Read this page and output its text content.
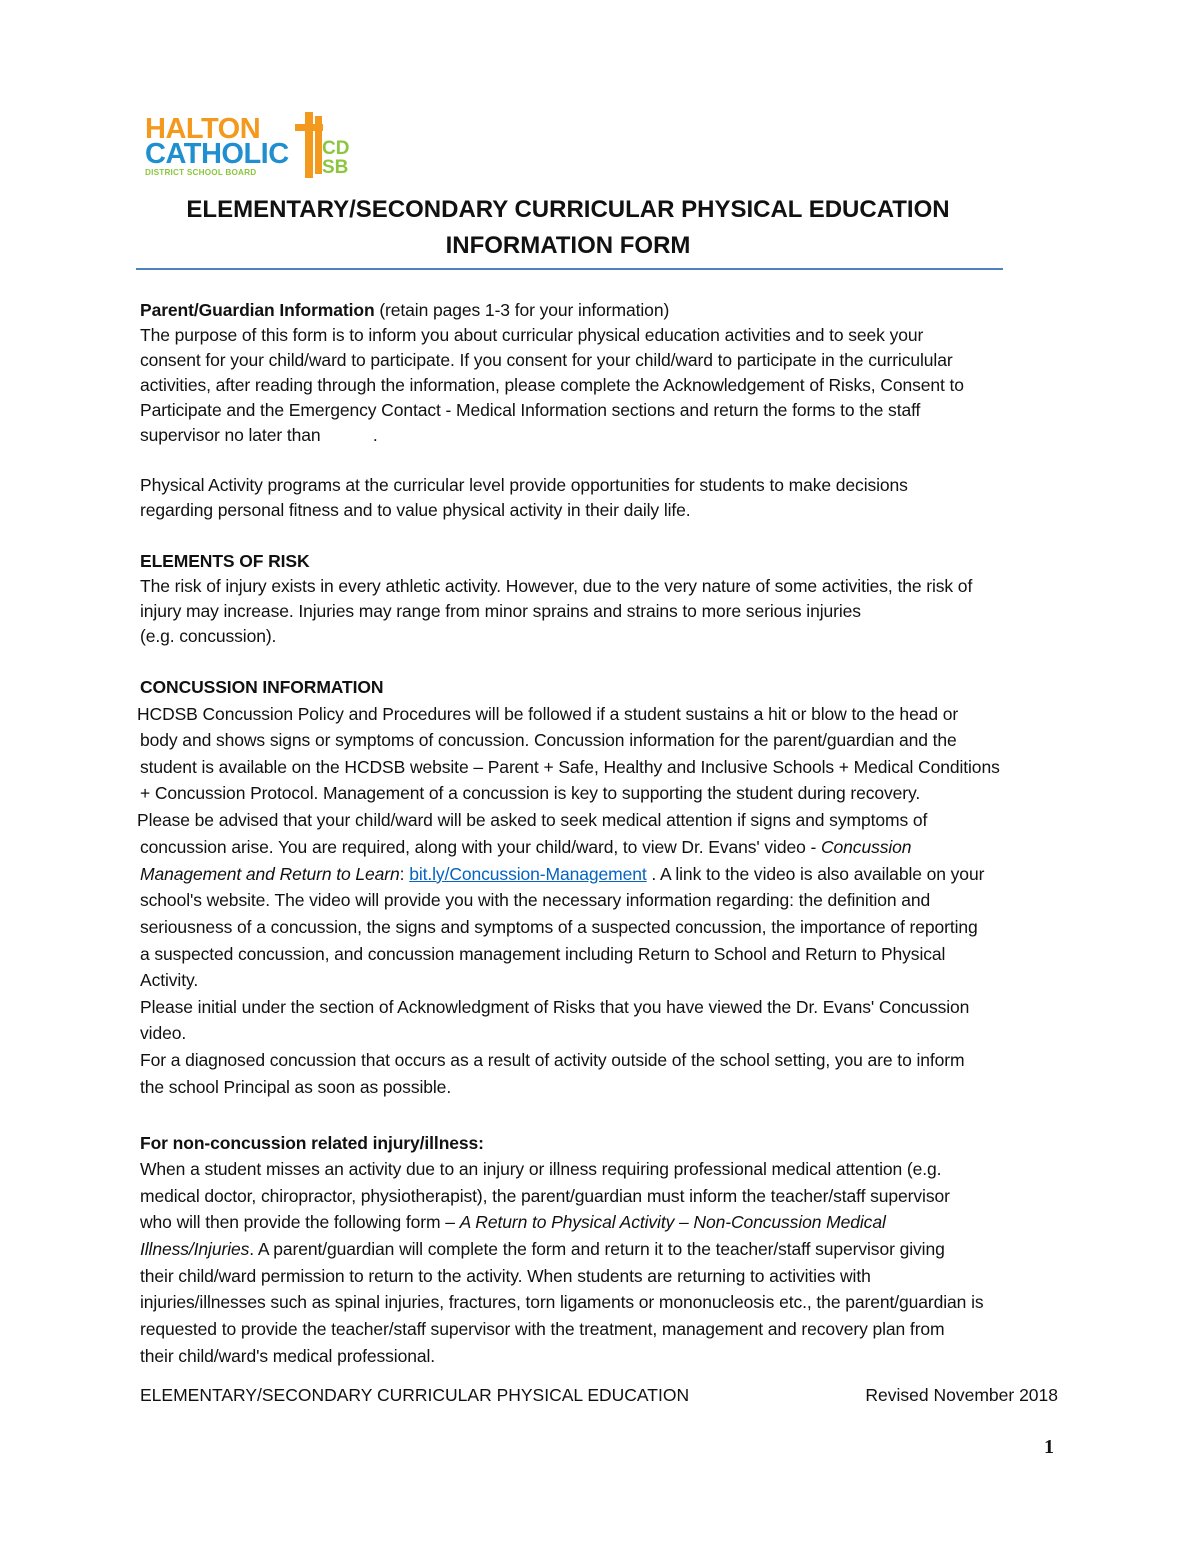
HALTON
CATHOLIC
DISTRICT SCHOOL BOARD
CD
SB
ELEMENTARY/SECONDARY CURRICULAR PHYSICAL EDUCATION
INFORMATION FORM
Parent/Guardian Information (retain pages 1-3 for your information)
The purpose of this form is to inform you about curricular physical education activities and to seek your
consent for your child/ward to participate. If you consent for your child/ward to participate in the curriculular
activities, after reading through the information, please complete the Acknowledgement of Risks, Consent to
Participate and the Emergency Contact - Medical Information sections and return the forms to the staff
supervisor no later than           .
Physical Activity programs at the curricular level provide opportunities for students to make decisions
regarding personal fitness and to value physical activity in their daily life.
ELEMENTS OF RISK
The risk of injury exists in every athletic activity. However, due to the very nature of some activities, the risk of
injury may increase. Injuries may range from minor sprains and strains to more serious injuries
(e.g. concussion).
CONCUSSION INFORMATION
HCDSB Concussion Policy and Procedures will be followed if a student sustains a hit or blow to the head or
body and shows signs or symptoms of concussion. Concussion information for the parent/guardian and the
student is available on the HCDSB website – Parent + Safe, Healthy and Inclusive Schools + Medical Conditions
+ Concussion Protocol. Management of a concussion is key to supporting the student during recovery.
Please be advised that your child/ward will be asked to seek medical attention if signs and symptoms of
concussion arise. You are required, along with your child/ward, to view Dr. Evans' video - Concussion
Management and Return to Learn: bit.ly/Concussion-Management . A link to the video is also available on your
school's website. The video will provide you with the necessary information regarding: the definition and
seriousness of a concussion, the signs and symptoms of a suspected concussion, the importance of reporting
a suspected concussion, and concussion management including Return to School and Return to Physical
Activity.
Please initial under the section of Acknowledgment of Risks that you have viewed the Dr. Evans' Concussion
video.
For a diagnosed concussion that occurs as a result of activity outside of the school setting, you are to inform
the school Principal as soon as possible.
For non-concussion related injury/illness:
When a student misses an activity due to an injury or illness requiring professional medical attention (e.g.
medical doctor, chiropractor, physiotherapist), the parent/guardian must inform the teacher/staff supervisor
who will then provide the following form – A Return to Physical Activity – Non-Concussion Medical
Illness/Injuries. A parent/guardian will complete the form and return it to the teacher/staff supervisor giving
their child/ward permission to return to the activity. When students are returning to activities with
injuries/illnesses such as spinal injuries, fractures, torn ligaments or mononucleosis etc., the parent/guardian is
requested to provide the teacher/staff supervisor with the treatment, management and recovery plan from
their child/ward's medical professional.
ELEMENTARY/SECONDARY CURRICULAR PHYSICAL EDUCATION	Revised November 2018
1
